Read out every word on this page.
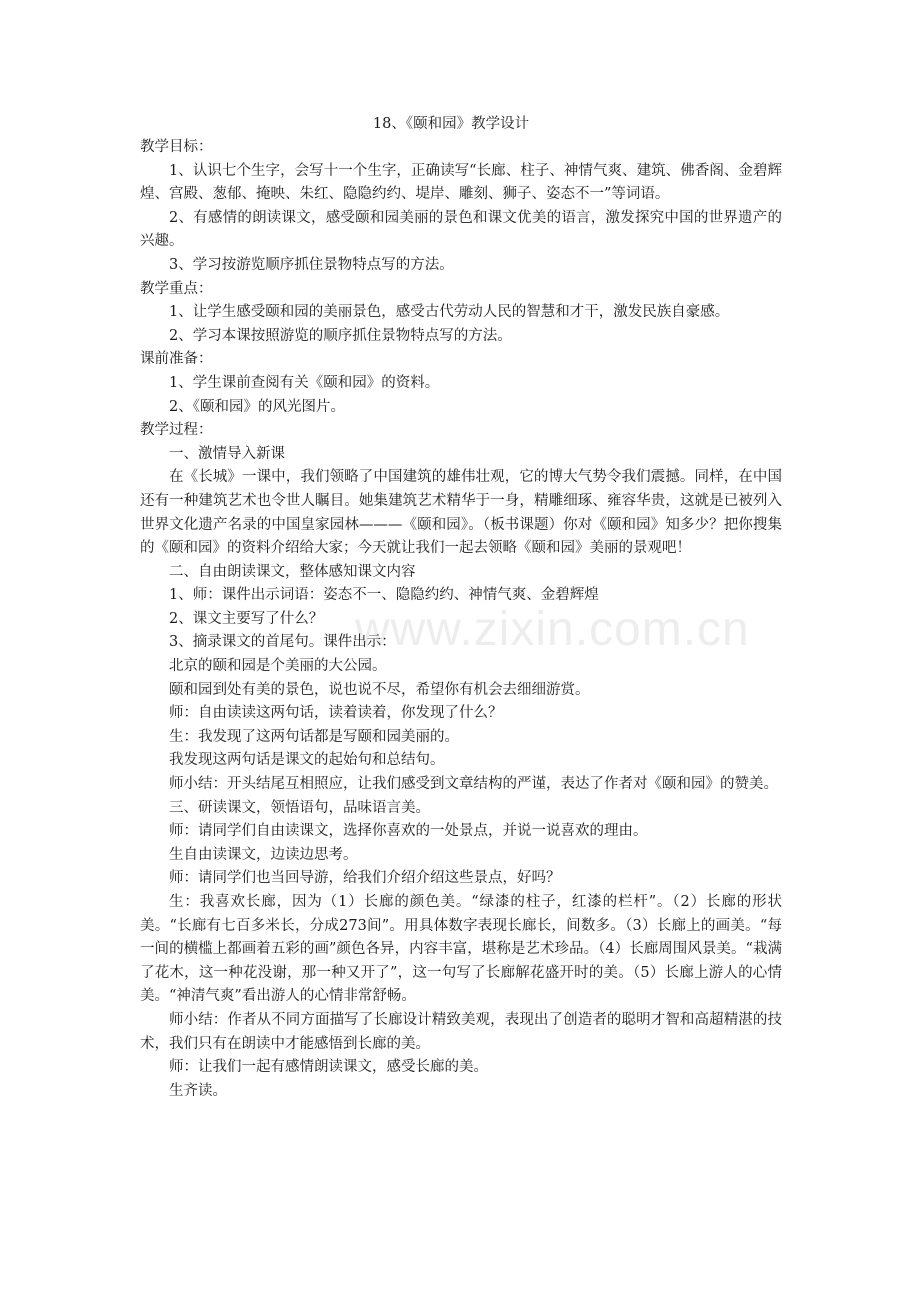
www.zixin.com.cn
18、《颐和园》教学设计

教学目标：

1、认识七个生字，会写十一个生字，正确读写“长廊、柱子、神情气爽、建筑、佛香阁、金碧辉煌、宫殿、葱郁、掩映、朱红、隐隐约约、堤岸、雕刻、狮子、姿态不一”等词语。

2、有感情的朗读课文，感受颐和园美丽的景色和课文优美的语言，激发探究中国的世界遗产的兴趣。

3、学习按游览顺序抓住景物特点写的方法。

教学重点：

1、让学生感受颐和园的美丽景色，感受古代劳动人民的智慧和才干，激发民族自豪感。

2、学习本课按照游览的顺序抓住景物特点写的方法。

课前准备：

1、学生课前查阅有关《颐和园》的资料。

2、《颐和园》的风光图片。

教学过程：

一、激情导入新课

在《长城》一课中，我们领略了中国建筑的雄伟壮观，它的博大气势令我们震撼。同样，在中国还有一种建筑艺术也令世人瞩目。她集建筑艺术精华于一身，精雕细琢、雍容华贵，这就是已被列入世界文化遗产名录的中国皇家园林———《颐和园》。（板书课题）你对《颐和园》知多少？把你搜集的《颐和园》的资料介绍给大家；今天就让我们一起去领略《颐和园》美丽的景观吧！

二、自由朗读课文，整体感知课文内容

1、师：课件出示词语：姿态不一、隐隐约约、神情气爽、金碧辉煌

2、课文主要写了什么？

3、摘录课文的首尾句。课件出示：

北京的颐和园是个美丽的大公园。

颐和园到处有美的景色，说也说不尽，希望你有机会去细细游赏。

师：自由读读这两句话，读着读着，你发现了什么？

生：我发现了这两句话都是写颐和园美丽的。

我发现这两句话是课文的起始句和总结句。

师小结：开头结尾互相照应，让我们感受到文章结构的严谨，表达了作者对《颐和园》的赞美。

三、研读课文，领悟语句，品味语言美。

师：请同学们自由读课文，选择你喜欢的一处景点，并说一说喜欢的理由。

生自由读课文，边读边思考。

师：请同学们也当回导游，给我们介绍介绍这些景点，好吗？

生：我喜欢长廊，因为（1）长廊的颜色美。“绿漆的柱子，红漆的栏杆”。（2）长廊的形状美。“长廊有七百多米长，分成273间”。用具体数字表现长廊长，间数多。（3）长廊上的画美。“每一间的横槛上都画着五彩的画”颜色各异，内容丰富，堪称是艺术珍品。（4）长廊周围风景美。“栽满了花木，这一种花没谢，那一种又开了”，这一句写了长廊解花盛开时的美。（5）长廊上游人的心情美。“神清气爽”看出游人的心情非常舒畅。

师小结：作者从不同方面描写了长廊设计精致美观，表现出了创造者的聪明才智和高超精湛的技术，我们只有在朗读中才能感悟到长廊的美。

师：让我们一起有感情朗读课文，感受长廊的美。

生齐读。
